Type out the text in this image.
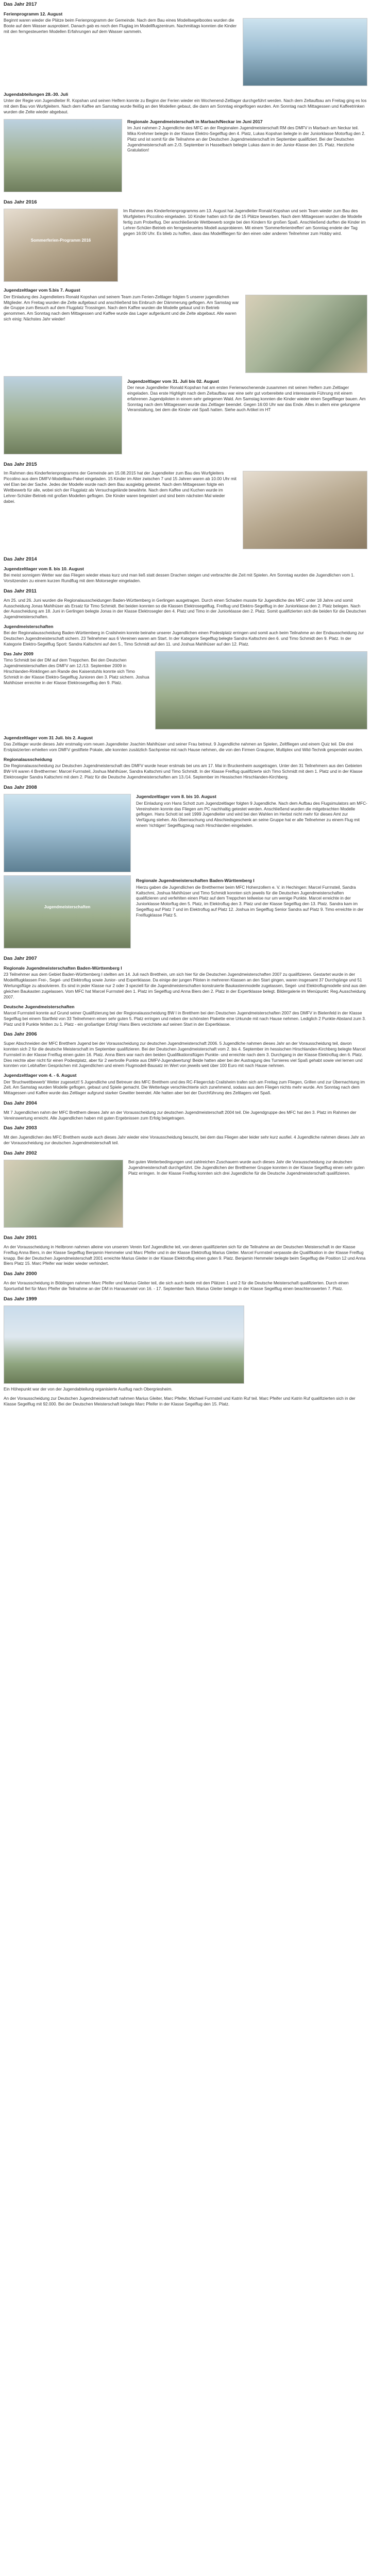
Das Jahr 2017
Ferienprogramm 12. August

Beginnt waren wieder die Plätze beim Ferienprogramm der Gemeinde. Nach dem Bau eines Modellsegelbootes wurden die Boote auf dem Wasser ausprobiert. Danach gab es noch den Flugtag im Modellflugzentrum. Nachmittags konnten die Kinder mit den ferngesteuerten Modellen Erfahrungen auf dem Wasser sammeln.

Jugendabteilungen 28.-30. Juli

Unter der Regie von Jugendleiter R. Kopshan und seinen Helfern konnte zu Beginn der Ferien wieder ein Wochenend-Zeltlager durchgeführt werden. Nach dem Zeltaufbau am Freitag ging es los mit dem Bau von Wurfgleitern. Nach dem Kaffee am Samstag wurde fleißig an den Modellen gebaut, die dann am Sonntag eingeflogen wurden. Am Sonntag nach Mittagessen und Kaffeetrinken wurden die Zelte wieder abgebaut.

Regionale Jugendmeisterschaft in Marbach/Neckar im Juni 2017

Im Juni nahmen 2 Jugendliche des MFC an der Regionalen Jugendmeisterschaft RM des DMFV in Marbach am Neckar teil. Mika Krehmer belegte in der Klasse Elektro-Segelflug den 4. Platz, Lukas Kopshan belegte in der Juniorklasse Motorflug den 2. Platz und ist somit für die Teilnahme an der Deutschen Jugendmeisterschaft im September qualifiziert. Bei der Deutschen Jugendmeisterschaft am 2./3. September in Hasselbach belegte Lukas dann in der Junior-Klasse den 15. Platz. Herzliche Gratulation!

Das Jahr 2016
Sommerferien-Programm 2016

Im Rahmen des Kinderferienprogramms am 13. August hat Jugendleiter Ronald Kopshan und sein Team wieder zum Bau des Wurfgleiters Piccolino eingeladen. 10 Kinder hatten sich für die 15 Plätze beworben. Nach dem Mittagessen wurden die Modelle fertig zum Probeflug. Der anschließende Wettbewerb sorgte bei den Kindern für großen Spaß. Anschließend durften die Kinder im Lehrer-Schüler-Betrieb ein ferngesteuertes Modell ausprobieren. Mit einem 'Sommerferientreffen' am Sonntag endete der Tag gegen 16:00 Uhr. Es blieb zu hoffen, dass das Modellfliegen für den einen oder anderen Teilnehmer zum Hobby wird.

Jugendzeltlager vom 5.bis 7. August

Der Einladung des Jugendleiters Ronald Kopshan und seinem Team zum Ferien-Zeltlager folgten 5 unserer jugendlichen Mitglieder. Am Freitag wurden die Zelte aufgebaut und anschließend bis Einbruch der Dämmerung geflogen. Am Samstag war die Gruppe zum Besuch auf dem Flugplatz Trossingen. Nach dem Kaffee wurden die Modelle gebaut und in Betrieb genommen. Am Sonntag nach dem Mittagessen und Kaffee wurde das Lager aufgeräumt und die Zelte abgebaut. Alle waren sich einig: Nächstes Jahr wieder!

Jugendzeltlager vom 31. Juli bis 02. August

Der neue Jugendleiter Ronald Kopshan hat am ersten Ferienwochenende zusammen mit seinen Helfern zum Zeltlager eingeladen. Das erste Highlight nach dem Zeltaufbau war eine sehr gut vorbereitete und interessante Führung mit einem erfahrenen Jugendpiloten in einem sehr gelegenen Wald. Am Samstag konnten die Kinder wieder einen Segelflieger bauen. Am Sonntag nach dem Mittagessen wurde das Zeltlager beendet. Gegen 16:00 Uhr war das Ende. Alles in allem eine gelungene Veranstaltung, bei dem die Kinder viel Spaß hatten. Siehe auch Artikel im HT

Das Jahr 2015

Im Rahmen des Kinderferienprogramms der Gemeinde am 15.08.2015 hat der Jugendleiter zum Bau des Wurfgleiters Piccolino aus dem DMFV-Modellbau-Paket eingeladen. 15 Kinder im Alter zwischen 7 und 15 Jahren waren ab 10.00 Uhr mit viel Elan bei der Sache. Jedes der Modelle wurde nach dem Bau ausgiebig getestet. Nach dem Mittagessen folgte ein Wettbewerb für alle, wobei sich der Flugplatz als Versuchsgelände bewährte. Nach dem Kaffee und Kuchen wurde im Lehrer-Schüler-Betrieb mit großen Modellen geflogen. Die Kinder waren begeistert und sind beim nächsten Mal wieder dabei.

Das Jahr 2014
Jugendzeltlager vom 8. bis 10. August

Bei meist sonnigem Wetter war das Fliegen wieder etwas kurz und man ließ statt dessen Drachen steigen und verbrachte die Zeit mit Spielen. Am Sonntag wurden die Jugendlichen vom 1. Vorsitzenden zu einem kurzen Rundflug mit dem Motorsegler eingeladen.

Das Jahr 2011

Am 25. und 26. Juni wurden die Regionalausscheidungen Baden-Württemberg in Gerlingen ausgetragen. Durch einen Schaden musste für Jugendliche des MFC unter 18 Jahre und somit Ausscheidung Jonas Mahlhüser als Ersatz für Timo Schmidt. Bei beiden konnten so die Klassen Elektrosegelflug, Freiflug und Elektro-Segelflug in der Juniorklasse den 2. Platz belegen. Nach der Ausscheidung am 18. Juni in Gerlingen belegte Jonas in der Klasse Elektrosegler den 4. Platz und Timo in der Juniorklasse den 2. Platz. Somit qualifizierten sich die beiden für die Deutschen Jugendmeisterschaften.

Jugendmeisterschaften

Bei der Regionalausscheidung Baden-Württemberg in Crailsheim konnte beinahe unserer Jugendlichen einen Podestplatz erringen und somit auch beim Teilnahme an der Endausscheidung zur Deutschen Jugendmeisterschaft sichern. 23 Teilnehmer aus 6 Vereinen waren am Start. In der Kategorie Segelflug belegte Sandra Kaltschmi den 6. und Timo Schmidt den 9. Platz. In der Kategorie Elektro-Segelflug Sport: Sandra Kaltschmi auf den 5., Timo Schmidt auf den 11. und Joshua Mahlhüser auf den 12. Platz.

Das Jahr 2009

Timo Schmidt bei der DM auf dem Treppchen. Bei den Deutschen Jugendmeisterschaften des DMFV am 12./13. September 2009 in Hirschlanden-Rinklingen am Rande des Kaiserstuhls konnte sich Timo Schmidt in der Klasse Elektro-Segelflug Junioren den 3. Platz sichern. Joshua Mahlhüser erreichte in der Klasse Elektrosegelflug den 9. Platz.

Jugendzeltlager vom 31 Juli. bis 2. August

Das Zeltlager wurde dieses Jahr erstmalig vom neuen Jugendleiter Joachim Mahlhüser und seiner Frau betreut. 9 Jugendliche nahmen an Spielen, Zeltfliegen und einem Quiz teil. Die drei Erstplatzierten erhielten vom DMFV gestiftete Pokale, alle konnten zusätzlich Sachpreise mit nach Hause nehmen, die von den Firmen Graupner, Multiplex und Wild-Technik gespendet wurden.

Regionalausscheidung

Die Regionalausscheidung zur Deutschen Jugendmeisterschaft des DMFV wurde heuer erstmals bei uns am 17. Mai in Bruckenheim ausgetragen. Unter den 31 Teilnehmern aus den Gebieten BW-V4 waren 4 Bretthermer: Marcel Furrnsteil, Joshua Mahlhüser, Sandra Kaltschmi und Timo Schmidt. In der Klasse Freiflug qualifizierte sich Timo Schmidt mit dem 1. Platz und in der Klasse Elektrosegler Sandra Kaltschmi mit dem 2. Platz für die Deutsche Jugendmeisterschaften am 13./14. September im Hessischen Hirschlanden-Kirchberg.

Das Jahr 2008
Jugendzeltlager vom 8. bis 10. August

Der Einladung von Hans Schott zum Jugendzeltlager folgten 9 Jugendliche. Nach dem Aufbau des Flugsimulators am MFC-Vereinsheim konnte das Fliegen am PC nachhaltig getestet werden. Anschließend wurden die mitgebrachten Modelle geflogen. Hans Schott ist seit 1999 Jugendleiter und wird bei den Wahlen im Herbst nicht mehr für dieses Amt zur Verfügung stehen. Als Überraschung und Abschiedsgeschenk an seine Gruppe hat er alle Teilnehmer zu einem Flug mit einem 'richtigen' Segelflugzeug nach Hirschlanden eingeladen.

Jugendmeisterschaften
Regionale Jugendmeisterschaften Baden-Württemberg I

Hierzu gaben die Jugendlichen die Bretthermer beim MFC Hohenzollern e. V. in Hechingen: Marcel Furrnsteil, Sandra Kaltschmi, Joshua Mahlhüser und Timo Schmidt konnten sich jeweils für die Deutschen Jugendmeisterschaften qualifizieren und verfehlten einen Platz auf dem Treppchen teilweise nur um wenige Punkte. Marcel erreichte in der Juniorklasse Motorflug den 5. Platz, im Elektroflug den 3. Platz und der Klasse Segelflug den 13. Platz. Sandra kam im Segelflug auf Platz 7 und im Elektroflug auf Platz 12. Joshua im Segelflug Senior Sandra auf Platz 9. Timo erreichte in der Freiflugklasse Platz 5.

Das Jahr 2007
Regionale Jugendmeisterschaften Baden-Württemberg I

23 Teilnehmer aus dem Gebiet Baden-Württemberg I stellten am 14. Juli nach Bretthein, um sich hier für die Deutschen Jugendmeisterschaften 2007 zu qualifizieren. Gestartet wurde in der Modellflugklassen Frei-, Segel- und Elektroflug sowie Junior- und Expertklasse. Da einige der jungen Piloten in mehreren Klassen an den Start gingen, waren insgesamt 37 Durchgänge und 51 Wertungsflüge zu absolvieren. Es sind in jeder Klasse nur 2 oder 3 speziell für die Jugendmeisterschaften konstruierte Baukastenmodelle zugelassen, Segel- und Elektroflugmodelle sind aus den gleichen Baukasten zugelassen. Vom MFC hat Marcel Furrnsteil den 1. Platz im Segelflug und Anna Biers den 2. Platz in der Expertklasse belegt. Bildergalerie im Menüpunkt: Reg.Ausscheidung 2007.

Deutsche Jugendmeisterschaften

Marcel Furrnsteil konnte auf Grund seiner Qualifizierung bei der Regionalausscheidung BW I in Bretthem bei den Deutschen Jugendmeisterschaften 2007 des DMFV in Bielenfeld in der Klasse Segelflug bei einem Startfeld von 33 Teilnehmern einen sehr guten 5. Platz erringen und neben der schönsten Plakette eine Urkunde mit nach Hause nehmen. Lediglich 2 Punkte-Abstand zum 3. Platz und 8 Punkte fehlten zu 1. Platz - ein großartiger Erfolg! Hans Biers verzichtete auf seinen Start in der Expertklasse.

Das Jahr 2006

Super Abschneiden der MFC Bretthem Jugend bei der Vorausscheidung zur deutschen Jugendmeisterschaft 2006. 5 Jugendliche nahmen dieses Jahr an der Vorausscheidung teil, davon konnten sich 2 für die deutsche Meisterschaft im September qualifizieren. Bei der Deutschen Jugendmeisterschaft vom 2. bis 4. September im hessischen Hirschlanden-Kirchberg belegte Marcel Furrnsteil in der Klasse Freiflug einen guten 16. Platz. Anna Biers war nach den beiden Qualifikationsflügen Punkte- und erreichte nach dem 3. Durchgang in der Klasse Elektroflug den 6. Platz. Dies reichte aber nicht für einen Podestplatz, aber für 2 wertvolle Punkte aus DMFV-Jugendwertung! Beide hatten aber bei der Austragung des Turnieres viel Spaß gehabt sowie viel lernen und konnten von Lebhaften Gesprächen mit Jugendlichen und einem Flugmodell-Bausatz im Wert von jeweils weit über 100 Euro mit nach Hause nehmen.

Jugendzeltlager vom 4. - 6. August

Der 'Bruchwettbewerb' Wetter zugesetzt! 5 Jugendliche und Betreuer des MFC Bretthem und des RC-Fliegerclub Crailsheim trafen sich am Freitag zum Fliegen, Grillen und zur Übernachtung im Zelt. Am Samstag wurden Modelle geflogen, gebaut und Spiele gemacht. Die Wetterlage verschlechterte sich zunehmend, sodass aus dem Fliegen nichts mehr wurde. Am Sonntag nach dem Mittagessen und Kaffee wurde das Zeltlager aufgrund starker Gewitter beendet. Alle hatten aber bei der Durchführung des Zeltlagers viel Spaß.

Das Jahr 2004

Mit 7 Jugendlichen nahm der MFC Bretthem dieses Jahr an der Vorausscheidung zur deutschen Jugendmeisterschaft 2004 teil. Die Jugendgruppe des MFC hat den 3. Platz im Rahmen der Vereinswertung erreicht. Alle Jugendlichen haben mit guten Ergebnissen zum Erfolg beigetragen.

Das Jahr 2003

Mit den Jugendlichen des MFC Bretthem wurde auch dieses Jahr wieder eine Vorausscheidung besucht, bei dem das Fliegen aber leider sehr kurz ausfiel. 4 Jugendliche nahmen dieses Jahr an der Vorausscheidung zur deutschen Jugendmeisterschaft teil.

Das Jahr 2002

Bei guten Wetterbedingungen und zahlreichen Zuschauern wurde auch dieses Jahr die Vorausscheidung zur deutschen Jugendmeisterschaft durchgeführt. Die Jugendlichen der Bretthemer Gruppe konnten in der Klasse Segelflug einen sehr guten Platz erringen. In der Klasse Freiflug konnten sich drei Jugendliche für die Deutsche Jugendmeisterschaft qualifizieren.

Das Jahr 2001

An der Vorausscheidung in Heilbronn nahmen alleine von unserem Verein fünf Jugendliche teil, von denen qualifizierten sich für die Teilnahme an der Deutschen Meisterschaft in der Klasse Freiflug Anna Biers, in der Klasse Segelflug Benjamin Hemmeler und Marc Pfeifer und in der Klasse Elektroflug Marius Gleiter. Marcel Furrnsteil verpasste die Qualifikation in der Klasse Freiflug knapp. Bei der Deutschen Jugendmeisterschaft 2001 erreichte Marius Gleiter in der Klasse Elektroflug einen guten 9. Platz. Benjamin Hemmeler belegte beim Segelflug die Position 12 und Anna Biers Platz 15. Marc Pfeifer war leider wieder verhindert.

Das Jahr 2000

An der Vorausscheidung in Böblingen nahmen Marc Pfeifer und Marius Gleiter teil, die sich auch beide mit den Plätzen 1 und 2 für die Deutsche Meisterschaft qualifizierten. Durch einen Sportunfall fiel für Marc Pfeifer die Teilnahme an der DM in Hanauerwiel von 16. - 17. September flach. Marius Gleiter belegte in der Klasse Segelflug einen beachtenswerten 7. Platz.

Das Jahr 1999

Ein Höhepunkt war der von der Jugendabteilung organisierte Ausflug nach Obergriesheim.

An der Vorausscheidung zur Deutschen Jugendmeisterschaft nahmen Marius Gleiter, Marc Pfeifer, Michael Furrnsteil und Katrin Ruf teil. Marc Pfeifer und Katrin Ruf qualifizierten sich in der Klasse Segelflug mit 92.000. Bei der Deutschen Meisterschaft belegte Marc Pfeifer in der Klasse Segelflug den 15. Platz.
